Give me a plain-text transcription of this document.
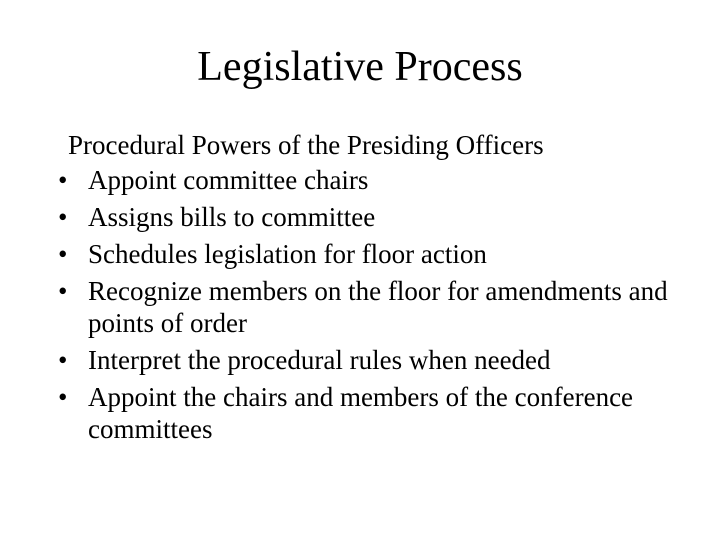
Legislative Process
Procedural Powers of the Presiding Officers
• Appoint committee chairs
• Assigns bills to committee
• Schedules legislation for floor action
• Recognize members on the floor for amendments and points of order
• Interpret the procedural rules when needed
• Appoint the chairs and members of the conference committees
